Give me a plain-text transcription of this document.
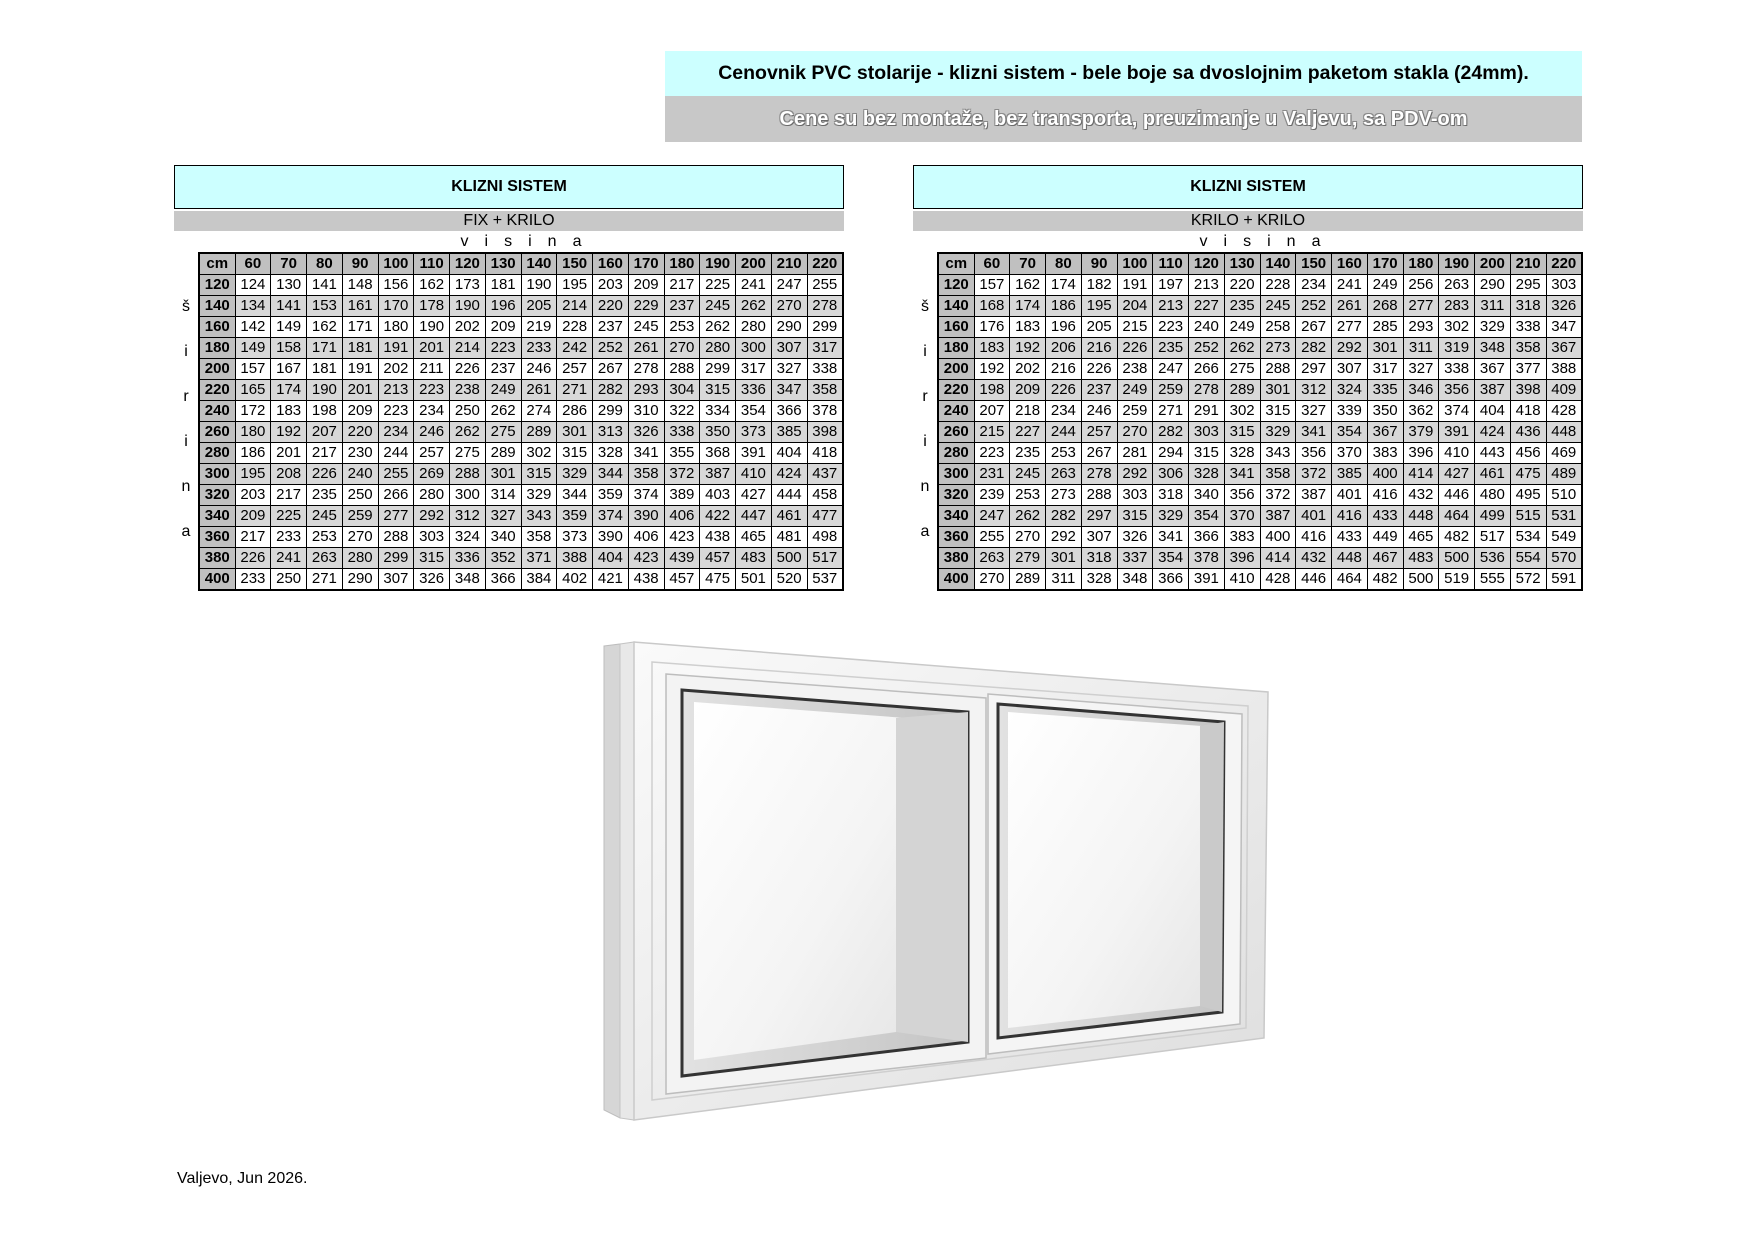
Cenovnik PVC stolarije - klizni sistem - bele boje sa dvoslojnim paketom stakla (24mm).
Cene su bez montaže, bez transporta, preuzimanje u Valjevu, sa PDV-om
KLIZNI SISTEM
FIX + KRILO
v i s i n a
š
i
r
i
n
a
cm	60	70	80	90	100	110	120	130	140	150	160	170	180	190	200	210	220
120	124	130	141	148	156	162	173	181	190	195	203	209	217	225	241	247	255
140	134	141	153	161	170	178	190	196	205	214	220	229	237	245	262	270	278
160	142	149	162	171	180	190	202	209	219	228	237	245	253	262	280	290	299
180	149	158	171	181	191	201	214	223	233	242	252	261	270	280	300	307	317
200	157	167	181	191	202	211	226	237	246	257	267	278	288	299	317	327	338
220	165	174	190	201	213	223	238	249	261	271	282	293	304	315	336	347	358
240	172	183	198	209	223	234	250	262	274	286	299	310	322	334	354	366	378
260	180	192	207	220	234	246	262	275	289	301	313	326	338	350	373	385	398
280	186	201	217	230	244	257	275	289	302	315	328	341	355	368	391	404	418
300	195	208	226	240	255	269	288	301	315	329	344	358	372	387	410	424	437
320	203	217	235	250	266	280	300	314	329	344	359	374	389	403	427	444	458
340	209	225	245	259	277	292	312	327	343	359	374	390	406	422	447	461	477
360	217	233	253	270	288	303	324	340	358	373	390	406	423	438	465	481	498
380	226	241	263	280	299	315	336	352	371	388	404	423	439	457	483	500	517
400	233	250	271	290	307	326	348	366	384	402	421	438	457	475	501	520	537
KLIZNI SISTEM
KRILO + KRILO
v i s i n a
š
i
r
i
n
a
cm	60	70	80	90	100	110	120	130	140	150	160	170	180	190	200	210	220
120	157	162	174	182	191	197	213	220	228	234	241	249	256	263	290	295	303
140	168	174	186	195	204	213	227	235	245	252	261	268	277	283	311	318	326
160	176	183	196	205	215	223	240	249	258	267	277	285	293	302	329	338	347
180	183	192	206	216	226	235	252	262	273	282	292	301	311	319	348	358	367
200	192	202	216	226	238	247	266	275	288	297	307	317	327	338	367	377	388
220	198	209	226	237	249	259	278	289	301	312	324	335	346	356	387	398	409
240	207	218	234	246	259	271	291	302	315	327	339	350	362	374	404	418	428
260	215	227	244	257	270	282	303	315	329	341	354	367	379	391	424	436	448
280	223	235	253	267	281	294	315	328	343	356	370	383	396	410	443	456	469
300	231	245	263	278	292	306	328	341	358	372	385	400	414	427	461	475	489
320	239	253	273	288	303	318	340	356	372	387	401	416	432	446	480	495	510
340	247	262	282	297	315	329	354	370	387	401	416	433	448	464	499	515	531
360	255	270	292	307	326	341	366	383	400	416	433	449	465	482	517	534	549
380	263	279	301	318	337	354	378	396	414	432	448	467	483	500	536	554	570
400	270	289	311	328	348	366	391	410	428	446	464	482	500	519	555	572	591
Valjevo, Jun 2026.
